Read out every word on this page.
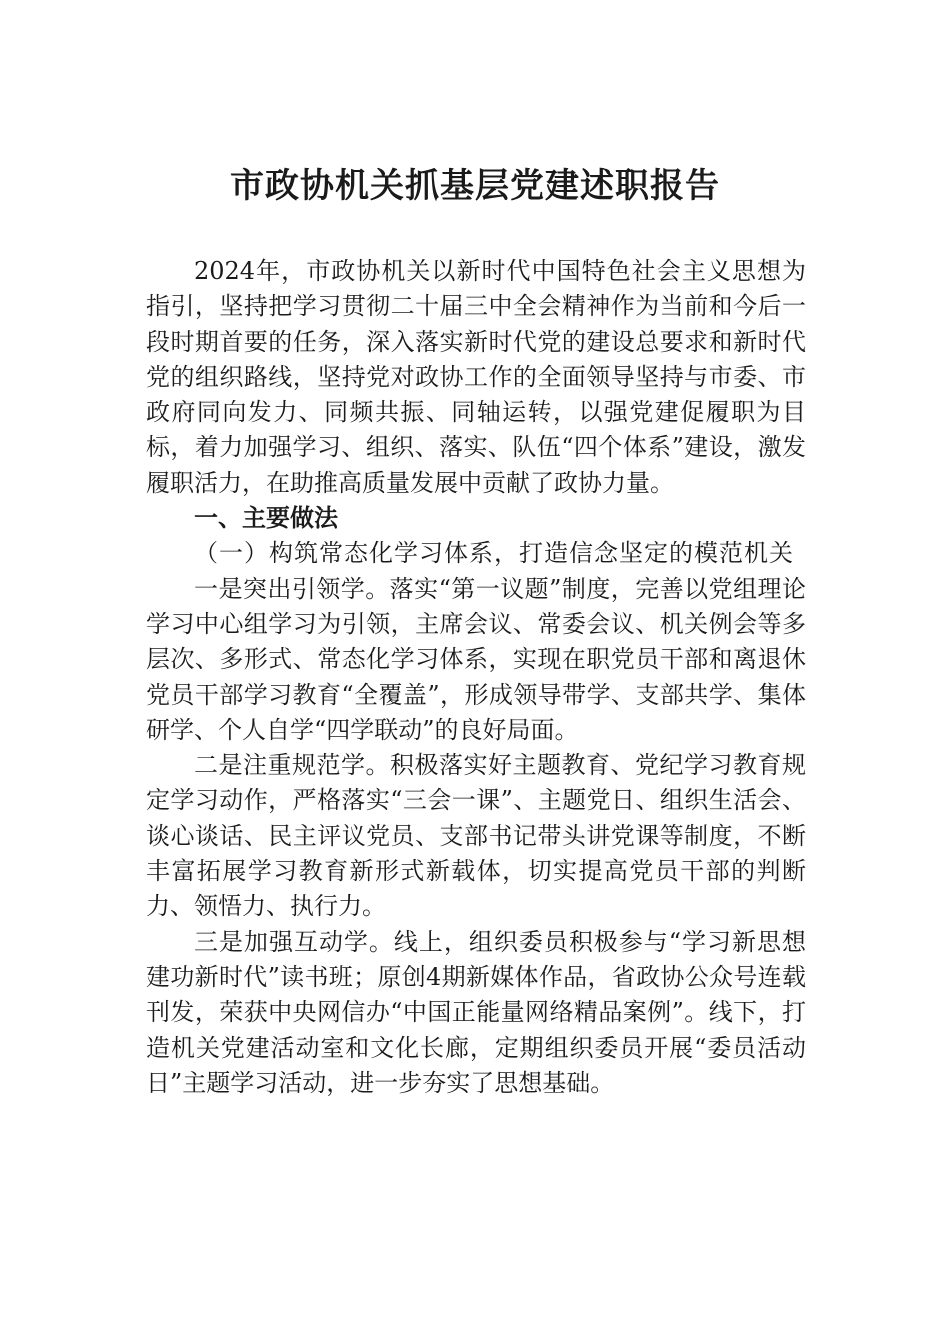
市政协机关抓基层党建述职报告

2024年，市政协机关以新时代中国特色社会主义思想为指引，坚持把学习贯彻二十届三中全会精神作为当前和今后一段时期首要的任务，深入落实新时代党的建设总要求和新时代党的组织路线，坚持党对政协工作的全面领导坚持与市委、市政府同向发力、同频共振、同轴运转，以强党建促履职为目标，着力加强学习、组织、落实、队伍“四个体系”建设，激发履职活力，在助推高质量发展中贡献了政协力量。

一、主要做法

（一）构筑常态化学习体系，打造信念坚定的模范机关

一是突出引领学。落实“第一议题”制度，完善以党组理论学习中心组学习为引领，主席会议、常委会议、机关例会等多层次、多形式、常态化学习体系，实现在职党员干部和离退休党员干部学习教育“全覆盖”，形成领导带学、支部共学、集体研学、个人自学“四学联动”的良好局面。

二是注重规范学。积极落实好主题教育、党纪学习教育规定学习动作，严格落实“三会一课”、主题党日、组织生活会、谈心谈话、民主评议党员、支部书记带头讲党课等制度，不断丰富拓展学习教育新形式新载体，切实提高党员干部的判断力、领悟力、执行力。

三是加强互动学。线上，组织委员积极参与“学习新思想 建功新时代”读书班；原创4期新媒体作品，省政协公众号连载刊发，荣获中央网信办“中国正能量网络精品案例”。线下，打造机关党建活动室和文化长廊，定期组织委员开展“委员活动日”主题学习活动，进一步夯实了思想基础。
